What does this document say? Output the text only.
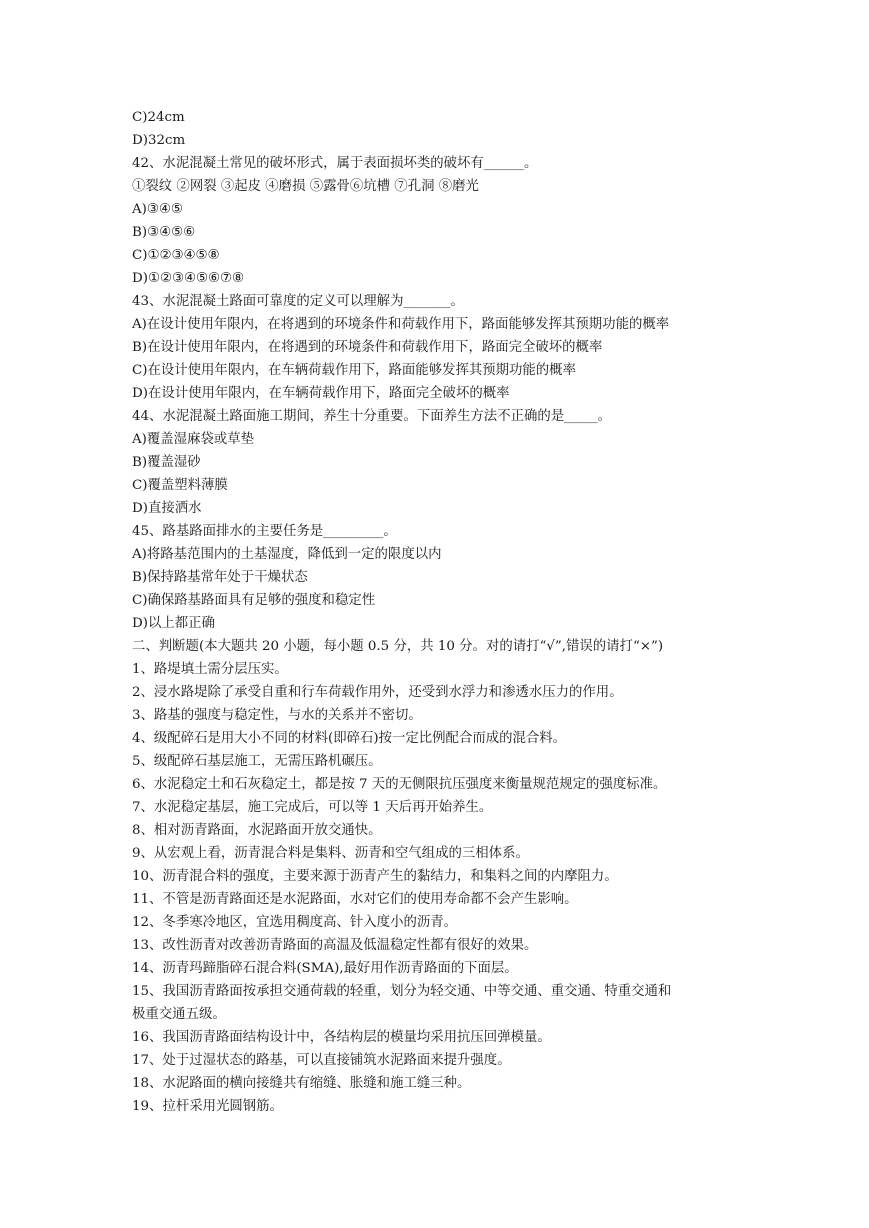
C)24cm
D)32cm
42、水泥混凝土常见的破坏形式，属于表面损坏类的破坏有______。
①裂纹 ②网裂 ③起皮 ④磨损 ⑤露骨⑥坑槽 ⑦孔洞 ⑧磨光
A)③④⑤
B)③④⑤⑥
C)①②③④⑤⑧
D)①②③④⑤⑥⑦⑧
43、水泥混凝土路面可靠度的定义可以理解为_______。
A)在设计使用年限内，在将遇到的环境条件和荷载作用下，路面能够发挥其预期功能的概率
B)在设计使用年限内，在将遇到的环境条件和荷载作用下，路面完全破坏的概率
C)在设计使用年限内，在车辆荷载作用下，路面能够发挥其预期功能的概率
D)在设计使用年限内，在车辆荷载作用下，路面完全破坏的概率
44、水泥混凝土路面施工期间，养生十分重要。下面养生方法不正确的是_____。
A)覆盖湿麻袋或草垫
B)覆盖湿砂
C)覆盖塑料薄膜
D)直接洒水
45、路基路面排水的主要任务是_________。
A)将路基范围内的土基湿度，降低到一定的限度以内
B)保持路基常年处于干燥状态
C)确保路基路面具有足够的强度和稳定性
D)以上都正确
二、判断题(本大题共 20 小题，每小题 0.5 分，共 10 分。对的请打“√”,错误的请打“×”)
1、路堤填土需分层压实。
2、浸水路堤除了承受自重和行车荷载作用外，还受到水浮力和渗透水压力的作用。
3、路基的强度与稳定性，与水的关系并不密切。
4、级配碎石是用大小不同的材料(即碎石)按一定比例配合而成的混合料。
5、级配碎石基层施工，无需压路机碾压。
6、水泥稳定土和石灰稳定土，都是按 7 天的无侧限抗压强度来衡量规范规定的强度标准。
7、水泥稳定基层，施工完成后，可以等 1 天后再开始养生。
8、相对沥青路面，水泥路面开放交通快。
9、从宏观上看，沥青混合料是集料、沥青和空气组成的三相体系。
10、沥青混合料的强度，主要来源于沥青产生的黏结力，和集料之间的内摩阻力。
11、不管是沥青路面还是水泥路面，水对它们的使用寿命都不会产生影响。
12、冬季寒冷地区，宜选用稠度高、针入度小的沥青。
13、改性沥青对改善沥青路面的高温及低温稳定性都有很好的效果。
14、沥青玛蹄脂碎石混合料(SMA),最好用作沥青路面的下面层。
15、我国沥青路面按承担交通荷载的轻重，划分为轻交通、中等交通、重交通、特重交通和
极重交通五级。
16、我国沥青路面结构设计中，各结构层的模量均采用抗压回弹模量。
17、处于过湿状态的路基，可以直接铺筑水泥路面来提升强度。
18、水泥路面的横向接缝共有缩缝、胀缝和施工缝三种。
19、拉杆采用光圆钢筋。
